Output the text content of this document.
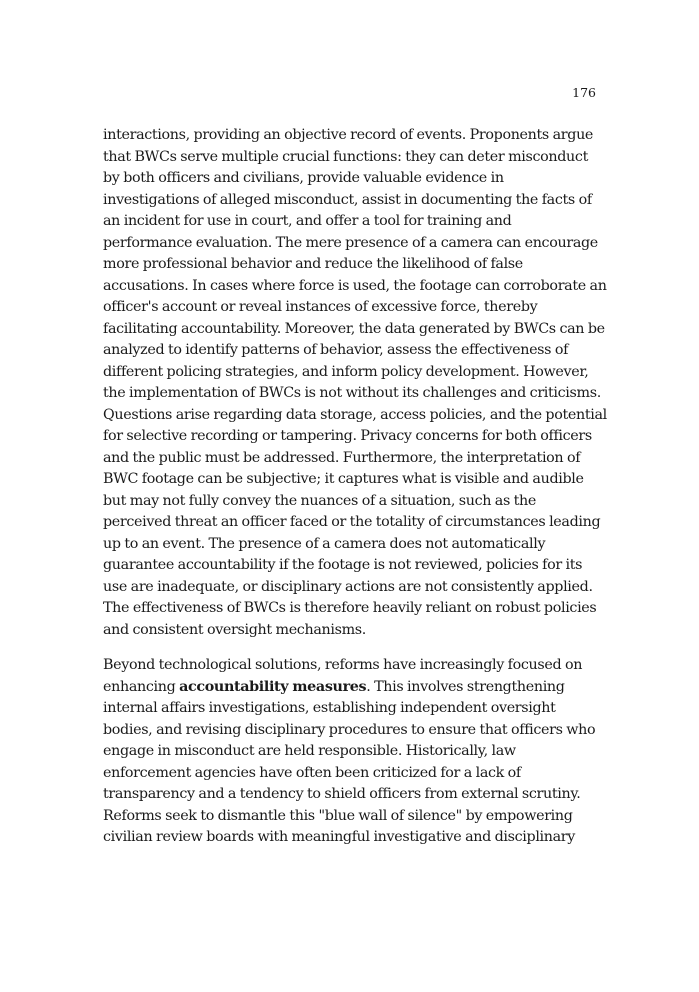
176

interactions, providing an objective record of events. Proponents argue
that BWCs serve multiple crucial functions: they can deter misconduct
by both officers and civilians, provide valuable evidence in
investigations of alleged misconduct, assist in documenting the facts of
an incident for use in court, and offer a tool for training and
performance evaluation. The mere presence of a camera can encourage
more professional behavior and reduce the likelihood of false
accusations. In cases where force is used, the footage can corroborate an
officer's account or reveal instances of excessive force, thereby
facilitating accountability. Moreover, the data generated by BWCs can be
analyzed to identify patterns of behavior, assess the effectiveness of
different policing strategies, and inform policy development. However,
the implementation of BWCs is not without its challenges and criticisms.
Questions arise regarding data storage, access policies, and the potential
for selective recording or tampering. Privacy concerns for both officers
and the public must be addressed. Furthermore, the interpretation of
BWC footage can be subjective; it captures what is visible and audible
but may not fully convey the nuances of a situation, such as the
perceived threat an officer faced or the totality of circumstances leading
up to an event. The presence of a camera does not automatically
guarantee accountability if the footage is not reviewed, policies for its
use are inadequate, or disciplinary actions are not consistently applied.
The effectiveness of BWCs is therefore heavily reliant on robust policies
and consistent oversight mechanisms.

Beyond technological solutions, reforms have increasingly focused on
enhancing accountability measures. This involves strengthening
internal affairs investigations, establishing independent oversight
bodies, and revising disciplinary procedures to ensure that officers who
engage in misconduct are held responsible. Historically, law
enforcement agencies have often been criticized for a lack of
transparency and a tendency to shield officers from external scrutiny.
Reforms seek to dismantle this "blue wall of silence" by empowering
civilian review boards with meaningful investigative and disciplinary
